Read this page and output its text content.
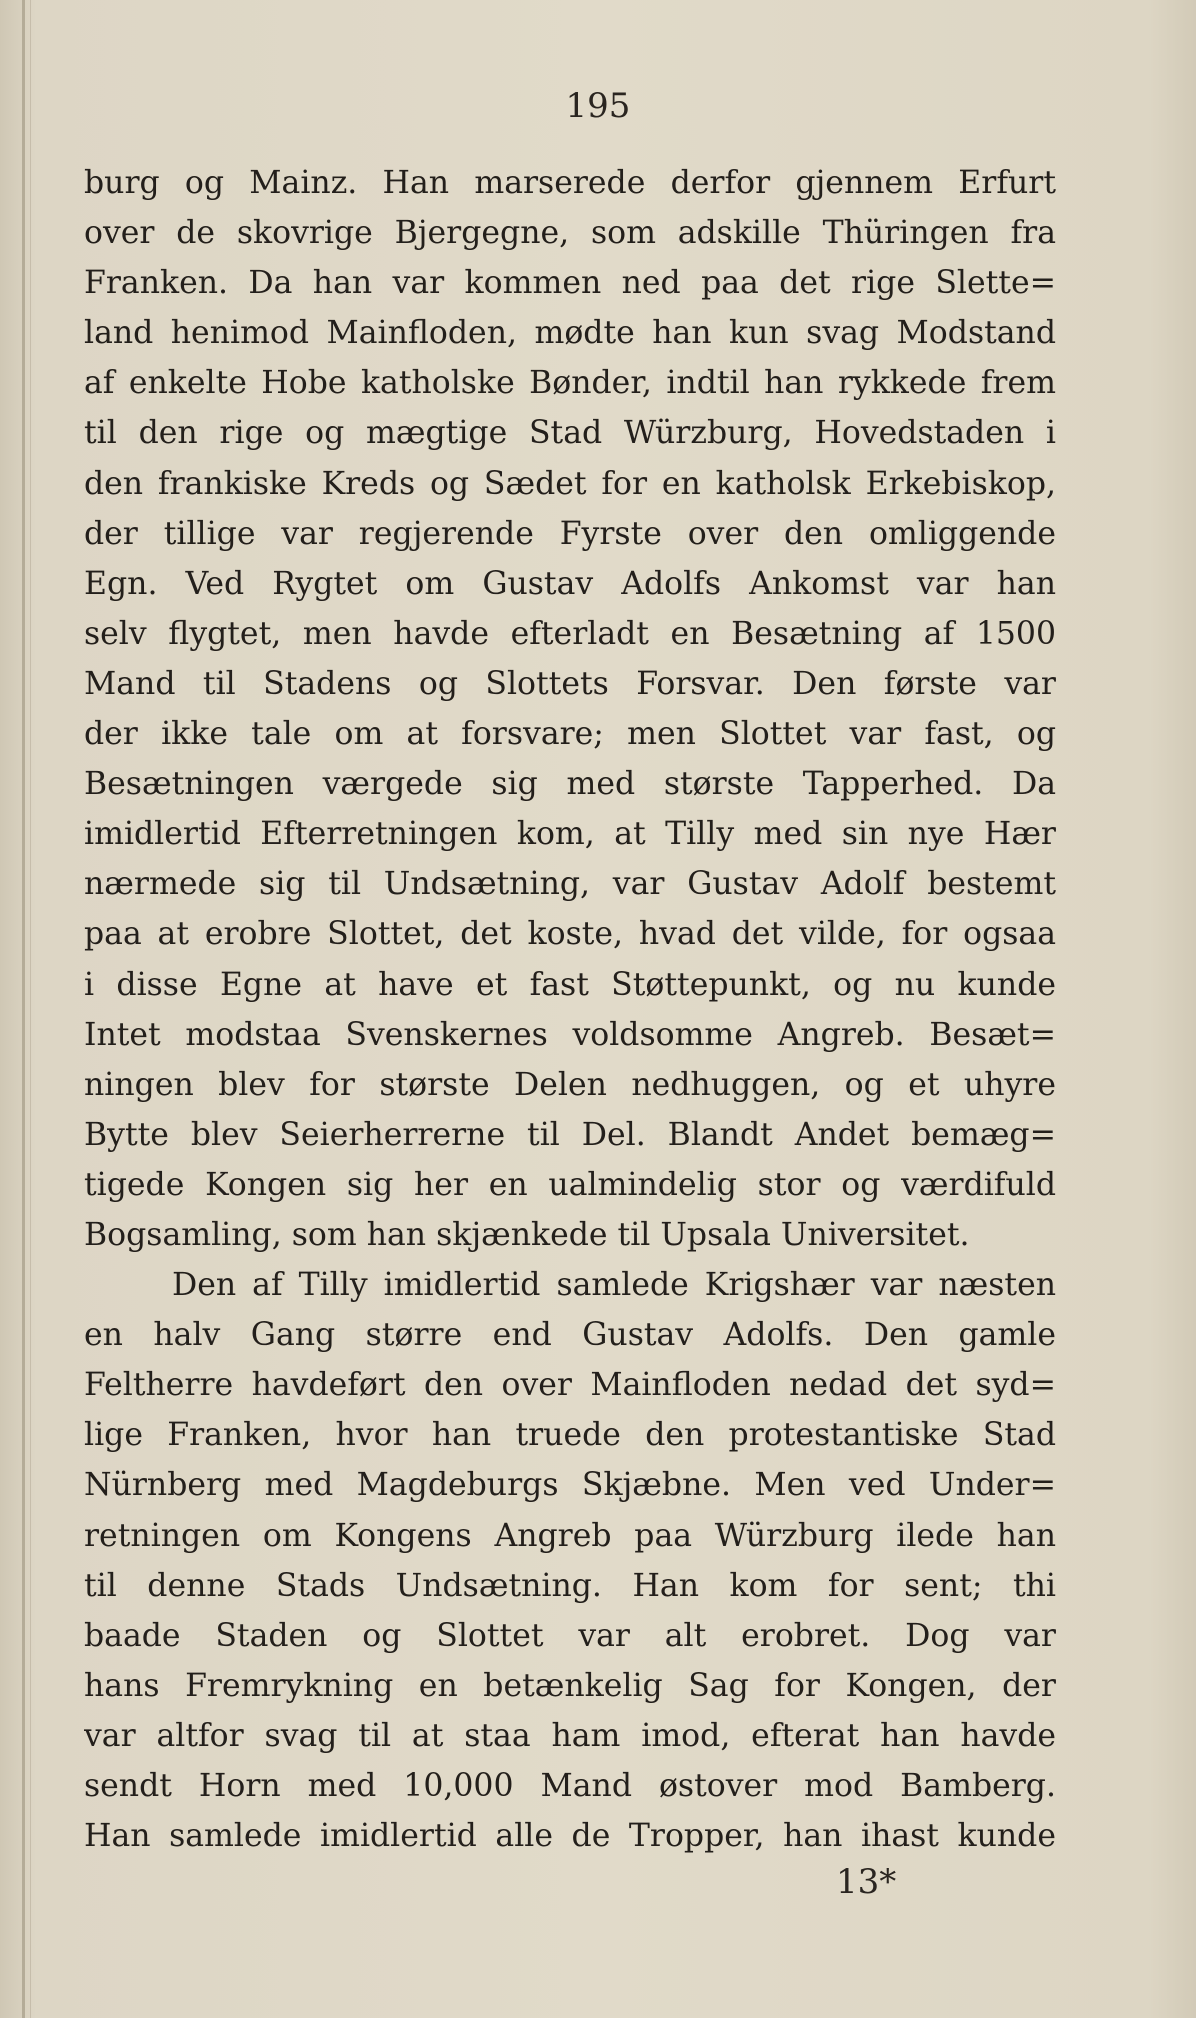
195
burg og Mainz. Han marserede derfor gjennem Erfurt
over de skovrige Bjergegne, som adskille Thüringen fra
Franken. Da han var kommen ned paa det rige Slette=
land henimod Mainfloden, mødte han kun svag Modstand
af enkelte Hobe katholske Bønder, indtil han rykkede frem
til den rige og mægtige Stad Würzburg, Hovedstaden i
den frankiske Kreds og Sædet for en katholsk Erkebiskop,
der tillige var regjerende Fyrste over den omliggende
Egn. Ved Rygtet om Gustav Adolfs Ankomst var han
selv flygtet, men havde efterladt en Besætning af 1500
Mand til Stadens og Slottets Forsvar. Den første var
der ikke tale om at forsvare; men Slottet var fast, og
Besætningen værgede sig med største Tapperhed. Da
imidlertid Efterretningen kom, at Tilly med sin nye Hær
nærmede sig til Undsætning, var Gustav Adolf bestemt
paa at erobre Slottet, det koste, hvad det vilde, for ogsaa
i disse Egne at have et fast Støttepunkt, og nu kunde
Intet modstaa Svenskernes voldsomme Angreb. Besæt=
ningen blev for største Delen nedhuggen, og et uhyre
Bytte blev Seierherrerne til Del. Blandt Andet bemæg=
tigede Kongen sig her en ualmindelig stor og værdifuld
Bogsamling, som han skjænkede til Upsala Universitet.
Den af Tilly imidlertid samlede Krigshær var næsten
en halv Gang større end Gustav Adolfs. Den gamle
Feltherre havdeført den over Mainfloden nedad det syd=
lige Franken, hvor han truede den protestantiske Stad
Nürnberg med Magdeburgs Skjæbne. Men ved Under=
retningen om Kongens Angreb paa Würzburg ilede han
til denne Stads Undsætning. Han kom for sent; thi
baade Staden og Slottet var alt erobret. Dog var
hans Fremrykning en betænkelig Sag for Kongen, der
var altfor svag til at staa ham imod, efterat han havde
sendt Horn med 10,000 Mand østover mod Bamberg.
Han samlede imidlertid alle de Tropper, han ihast kunde
13*
